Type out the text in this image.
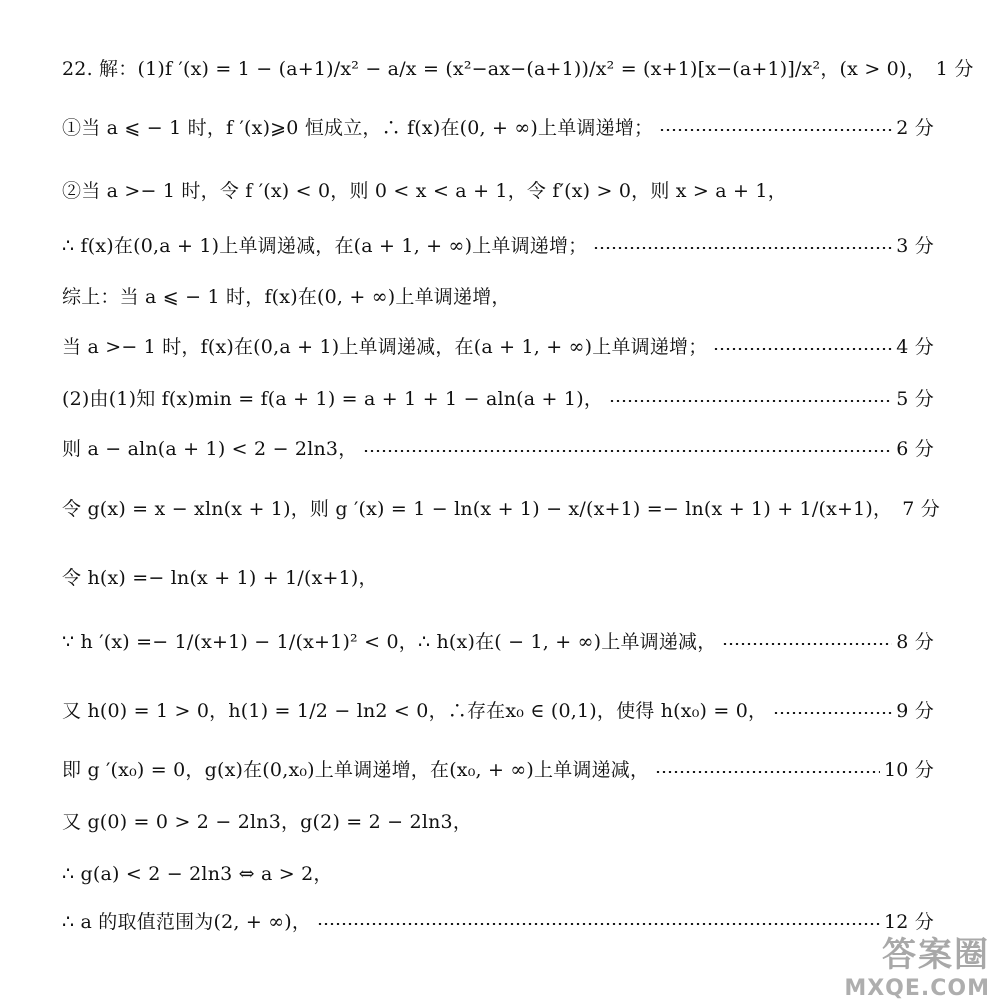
22. 解：(1)f ′(x) = 1 − (a+1)/x² − a/x = (x²−ax−(a+1))/x² = (x+1)[x−(a+1)]/x²，(x > 0)， 1 分
①当 a ⩽ − 1 时，f ′(x)⩾0 恒成立，∴ f(x)在(0, + ∞)上单调递增；	2 分
②当 a >− 1 时，令 f ′(x) < 0，则 0 < x < a + 1，令 f′(x) > 0，则 x > a + 1，
∴ f(x)在(0,a + 1)上单调递减，在(a + 1, + ∞)上单调递增；	3 分
综上：当 a ⩽ − 1 时，f(x)在(0, + ∞)上单调递增，
当 a >− 1 时，f(x)在(0,a + 1)上单调递减，在(a + 1, + ∞)上单调递增；	4 分
(2)由(1)知 f(x)min = f(a + 1) = a + 1 + 1 − aln(a + 1)，	5 分
则 a − aln(a + 1) < 2 − 2ln3，	6 分
令 g(x) = x − xln(x + 1)，则 g ′(x) = 1 − ln(x + 1) − x/(x+1) =− ln(x + 1) + 1/(x+1)， 7 分
令 h(x) =− ln(x + 1) + 1/(x+1)，
∵ h ′(x) =− 1/(x+1) − 1/(x+1)² < 0，∴ h(x)在( − 1, + ∞)上单调递减，	8 分
又 h(0) = 1 > 0，h(1) = 1/2 − ln2 < 0，∴存在x₀ ∈ (0,1)，使得 h(x₀) = 0，	9 分
即 g ′(x₀) = 0，g(x)在(0,x₀)上单调递增，在(x₀, + ∞)上单调递减，	10 分
又 g(0) = 0 > 2 − 2ln3，g(2) = 2 − 2ln3，
∴ g(a) < 2 − 2ln3 ⇔ a > 2，
∴ a 的取值范围为(2, + ∞)，	12 分
答案圈
MXQE.COM
